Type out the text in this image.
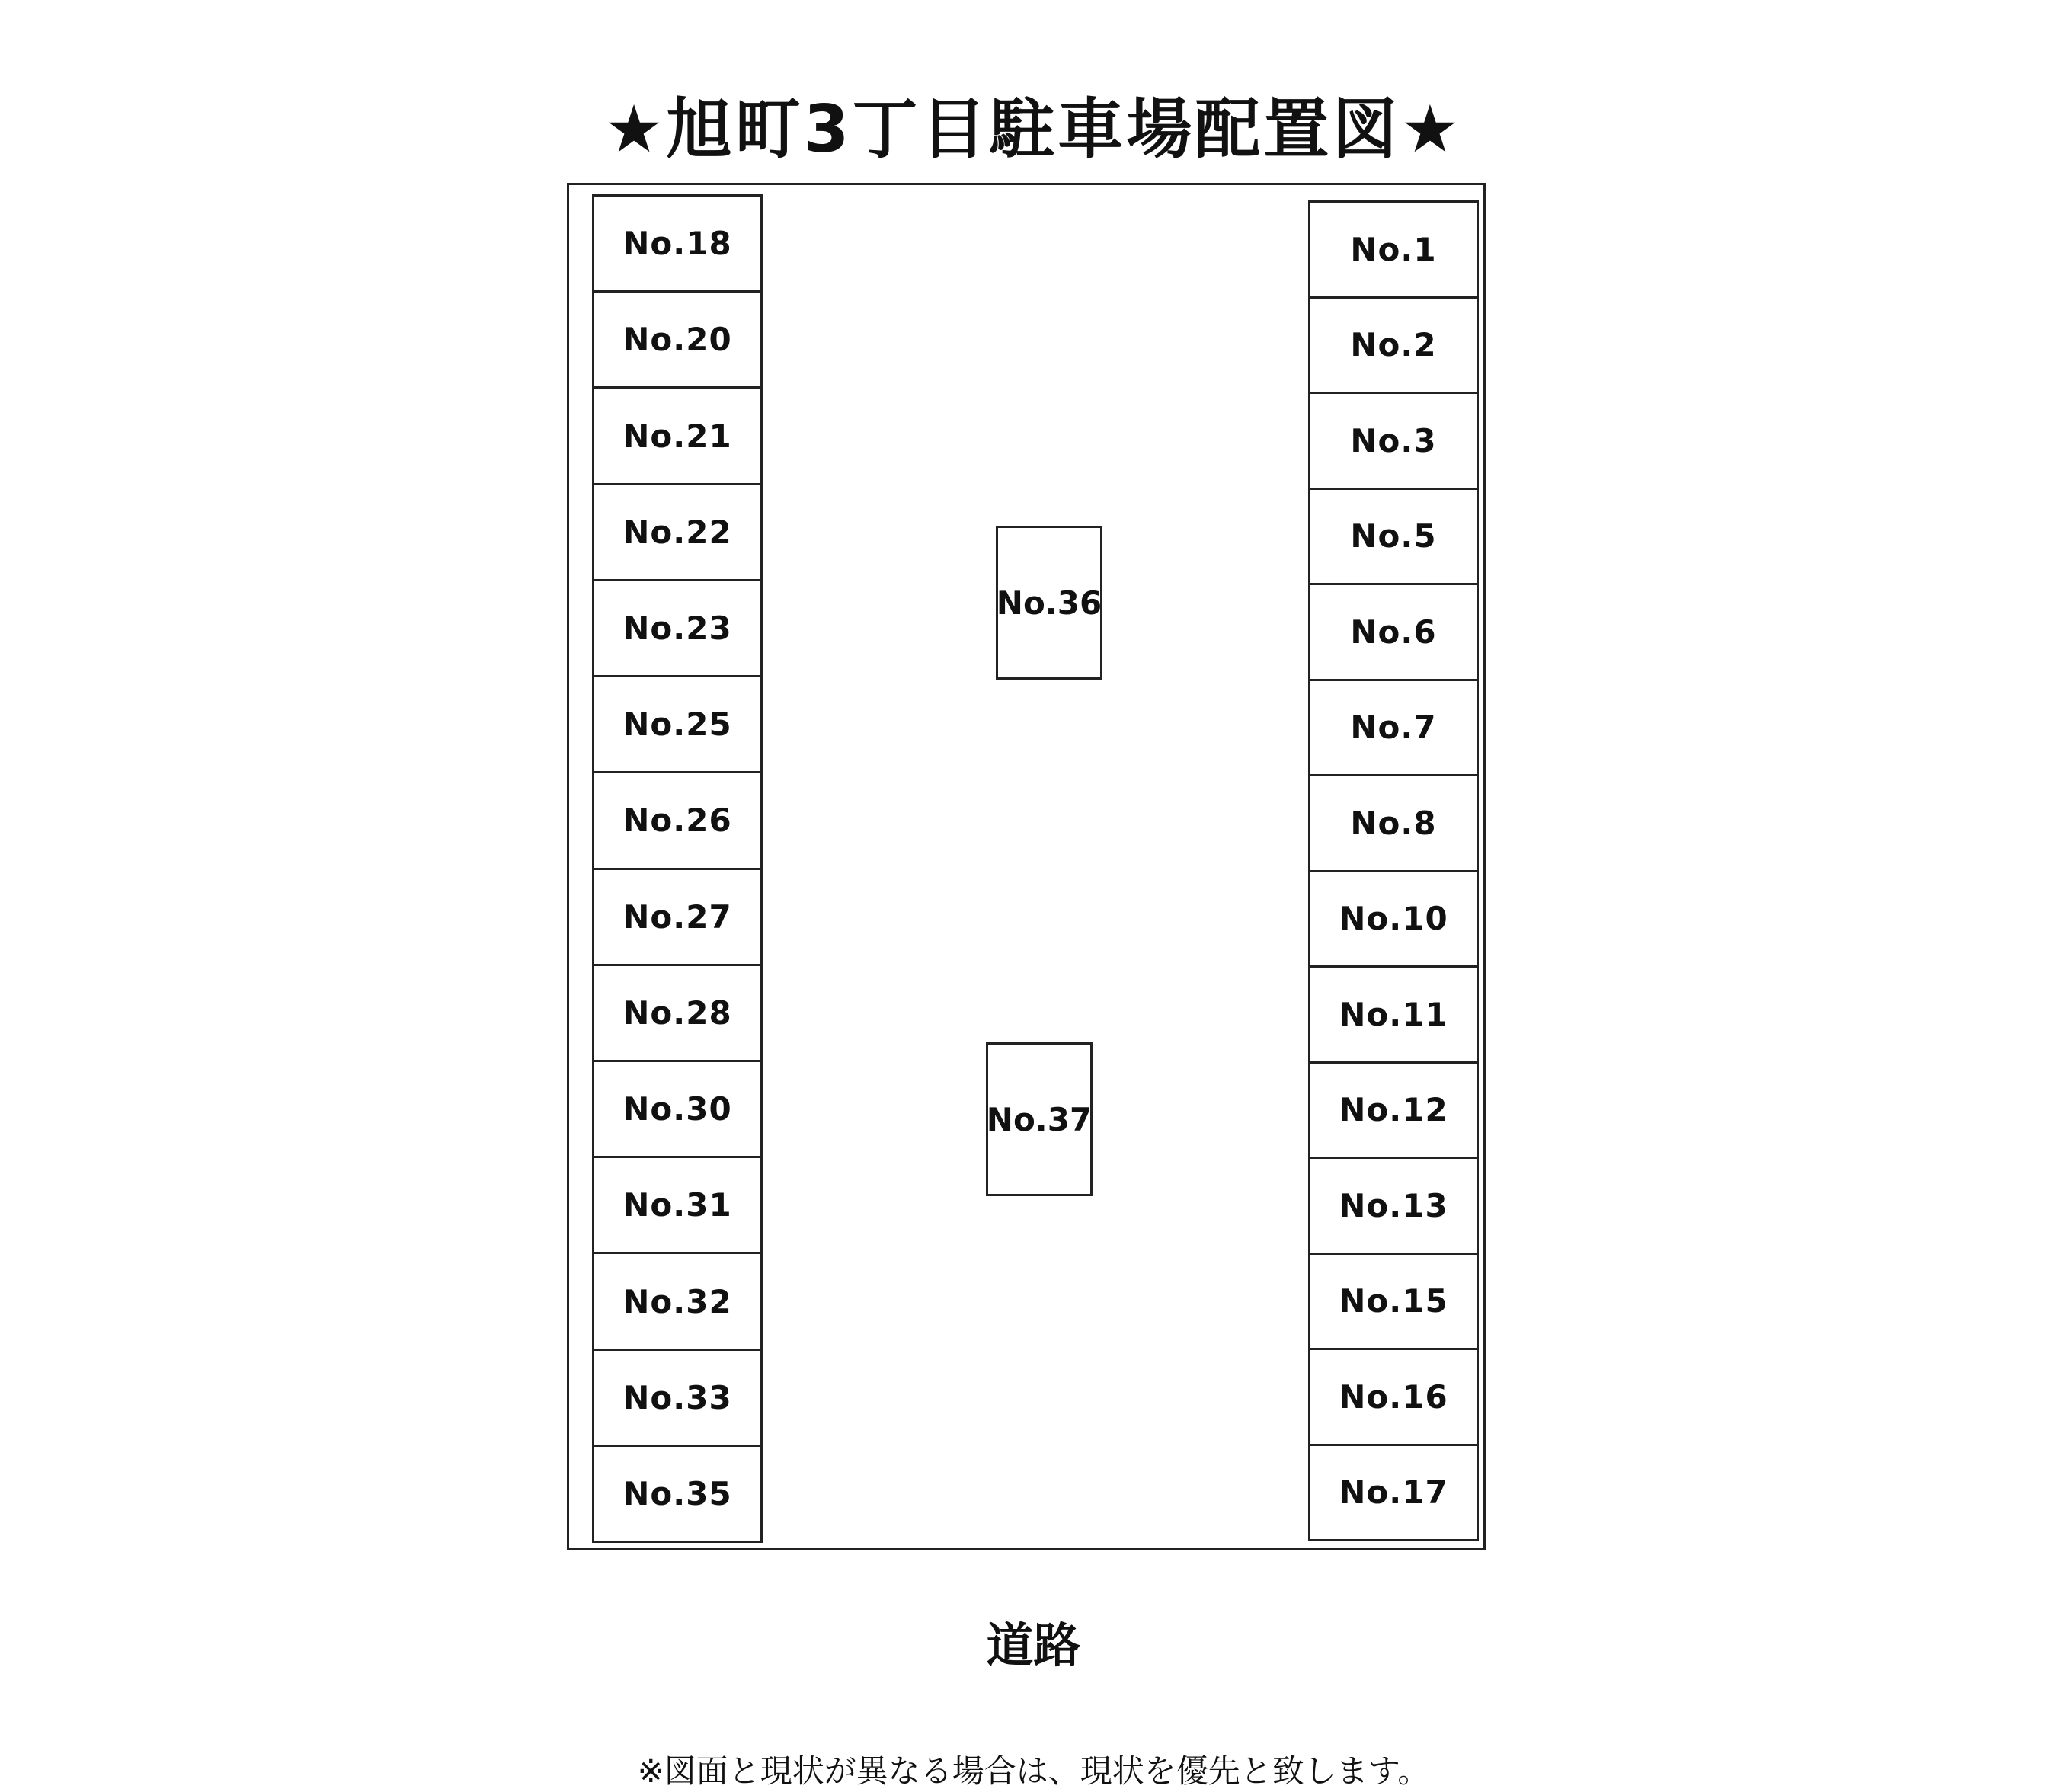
★旭町3丁目駐車場配置図★
No.18
No.20
No.21
No.22
No.23
No.25
No.26
No.27
No.28
No.30
No.31
No.32
No.33
No.35
No.36
No.37
No.1
No.2
No.3
No.5
No.6
No.7
No.8
No.10
No.11
No.12
No.13
No.15
No.16
No.17
道路
※図面と現状が異なる場合は、現状を優先と致します。
